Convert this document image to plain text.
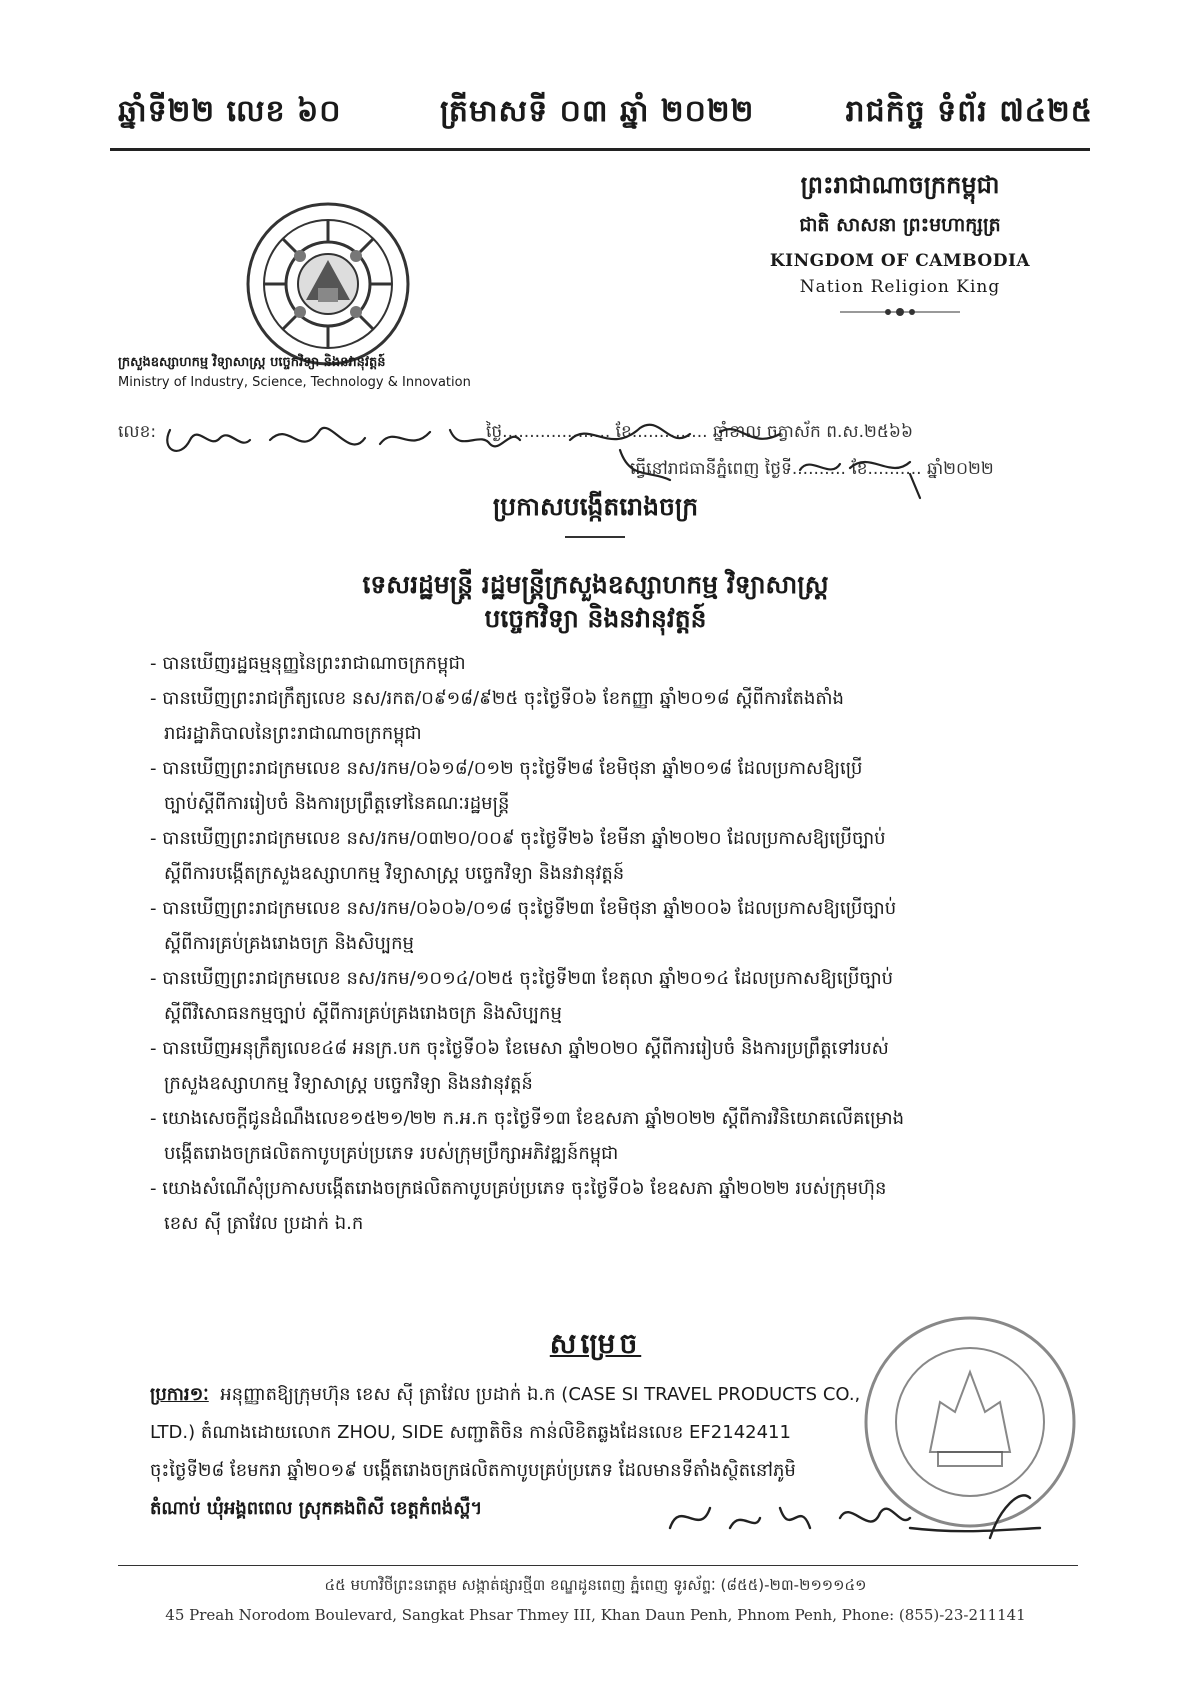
ឆ្នាំទី២២ លេខ ៦០	ត្រីមាសទី ០៣ ឆ្នាំ ២០២២	រាជកិច្ច ទំព័រ ៧៤២៥
ព្រះរាជាណាចក្រកម្ពុជា
ជាតិ សាសនា ព្រះមហាក្សត្រ
KINGDOM OF CAMBODIA
Nation Religion King
ក្រសួងឧស្សាហកម្ម វិទ្យាសាស្ត្រ បច្ចេកវិទ្យា និងនវានុវត្តន៍
Ministry of Industry, Science, Technology & Innovation
លេខ:	ថ្ងៃ.................... ខែ.............. ឆ្នាំខាល ចត្វាស័ក ព.ស.២៥៦៦
ធ្វើនៅរាជធានីភ្នំពេញ ថ្ងៃទី.......... ខែ.......... ឆ្នាំ២០២២
ប្រកាសបង្កើតរោងចក្រ
ទេសរដ្ឋមន្ត្រី រដ្ឋមន្ត្រីក្រសួងឧស្សាហកម្ម វិទ្យាសាស្ត្រ
បច្ចេកវិទ្យា និងនវានុវត្តន៍
- បានឃើញរដ្ឋធម្មនុញ្ញនៃព្រះរាជាណាចក្រកម្ពុជា
- បានឃើញព្រះរាជក្រឹត្យលេខ នស/រកត/០៩១៨/៩២៥ ចុះថ្ងៃទី០៦ ខែកញ្ញា ឆ្នាំ២០១៨ ស្តីពីការតែងតាំង
រាជរដ្ឋាភិបាលនៃព្រះរាជាណាចក្រកម្ពុជា
- បានឃើញព្រះរាជក្រមលេខ នស/រកម/០៦១៨/០១២ ចុះថ្ងៃទី២៨ ខែមិថុនា ឆ្នាំ២០១៨ ដែលប្រកាសឱ្យប្រើ
ច្បាប់ស្តីពីការរៀបចំ និងការប្រព្រឹត្តទៅនៃគណៈរដ្ឋមន្ត្រី
- បានឃើញព្រះរាជក្រមលេខ នស/រកម/០៣២០/០០៩ ចុះថ្ងៃទី២៦ ខែមីនា ឆ្នាំ២០២០ ដែលប្រកាសឱ្យប្រើច្បាប់
ស្តីពីការបង្កើតក្រសួងឧស្សាហកម្ម វិទ្យាសាស្ត្រ បច្ចេកវិទ្យា និងនវានុវត្តន៍
- បានឃើញព្រះរាជក្រមលេខ នស/រកម/០៦០៦/០១៨ ចុះថ្ងៃទី២៣ ខែមិថុនា ឆ្នាំ២០០៦ ដែលប្រកាសឱ្យប្រើច្បាប់
ស្តីពីការគ្រប់គ្រងរោងចក្រ និងសិប្បកម្ម
- បានឃើញព្រះរាជក្រមលេខ នស/រកម/១០១៤/០២៥ ចុះថ្ងៃទី២៣ ខែតុលា ឆ្នាំ២០១៤ ដែលប្រកាសឱ្យប្រើច្បាប់
ស្តីពីវិសោធនកម្មច្បាប់ ស្តីពីការគ្រប់គ្រងរោងចក្រ និងសិប្បកម្ម
- បានឃើញអនុក្រឹត្យលេខ៤៨ អនក្រ.បក ចុះថ្ងៃទី០៦ ខែមេសា ឆ្នាំ២០២០ ស្តីពីការរៀបចំ និងការប្រព្រឹត្តទៅរបស់
ក្រសួងឧស្សាហកម្ម វិទ្យាសាស្ត្រ បច្ចេកវិទ្យា និងនវានុវត្តន៍
- យោងសេចក្តីជូនដំណឹងលេខ១៥២១/២២ ក.អ.ក ចុះថ្ងៃទី១៣ ខែឧសភា ឆ្នាំ២០២២ ស្តីពីការវិនិយោគលើគម្រោង
បង្កើតរោងចក្រផលិតកាបូបគ្រប់ប្រភេទ របស់ក្រុមប្រឹក្សាអភិវឌ្ឍន៍កម្ពុជា
- យោងសំណើសុំប្រកាសបង្កើតរោងចក្រផលិតកាបូបគ្រប់ប្រភេទ ចុះថ្ងៃទី០៦ ខែឧសភា ឆ្នាំ២០២២ របស់ក្រុមហ៊ុន
ខេស ស៊ី ត្រាវែល ប្រដាក់ ឯ.ក
សម្រេច
ប្រការ១ៈ អនុញ្ញាតឱ្យក្រុមហ៊ុន ខេស ស៊ី ត្រាវែល ប្រដាក់ ឯ.ក (CASE SI TRAVEL PRODUCTS CO.,
LTD.) តំណាងដោយលោក ZHOU, SIDE សញ្ជាតិចិន កាន់លិខិតឆ្លងដែនលេខ EF2142411
ចុះថ្ងៃទី២៨ ខែមករា ឆ្នាំ២០១៩ បង្កើតរោងចក្រផលិតកាបូបគ្រប់ប្រភេទ ដែលមានទីតាំងស្ថិតនៅភូមិ
តំណាប់ ឃុំអង្គពពេល ស្រុកគងពិសី ខេត្តកំពង់ស្ពឺ។
៤៥ មហាវិថីព្រះនរោត្តម សង្កាត់ផ្សារថ្មី៣ ខណ្ឌដូនពេញ ភ្នំពេញ ទូរស័ព្ទៈ (៨៥៥)-២៣-២១១១៤១
45 Preah Norodom Boulevard, Sangkat Phsar Thmey III, Khan Daun Penh, Phnom Penh, Phone: (855)-23-211141
